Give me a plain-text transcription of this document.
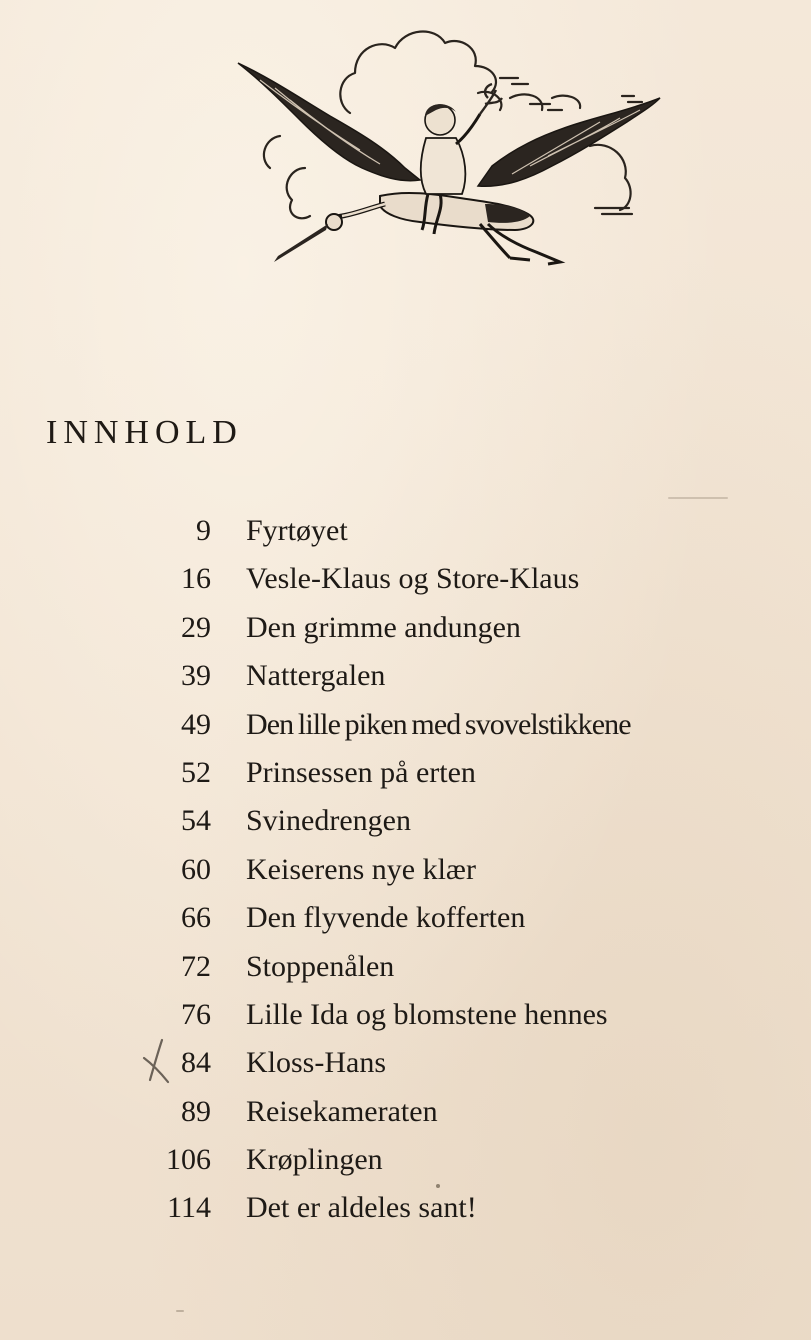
INNHOLD
9 Fyrtøyet
16 Vesle-Klaus og Store-Klaus
29 Den grimme andungen
39 Nattergalen
49 Den lille piken med svovelstikkene
52 Prinsessen på erten
54 Svinedrengen
60 Keiserens nye klær
66 Den flyvende kofferten
72 Stoppenålen
76 Lille Ida og blomstene hennes
84 Kloss-Hans
89 Reisekameraten
106 Krøplingen
114 Det er aldeles sant!
